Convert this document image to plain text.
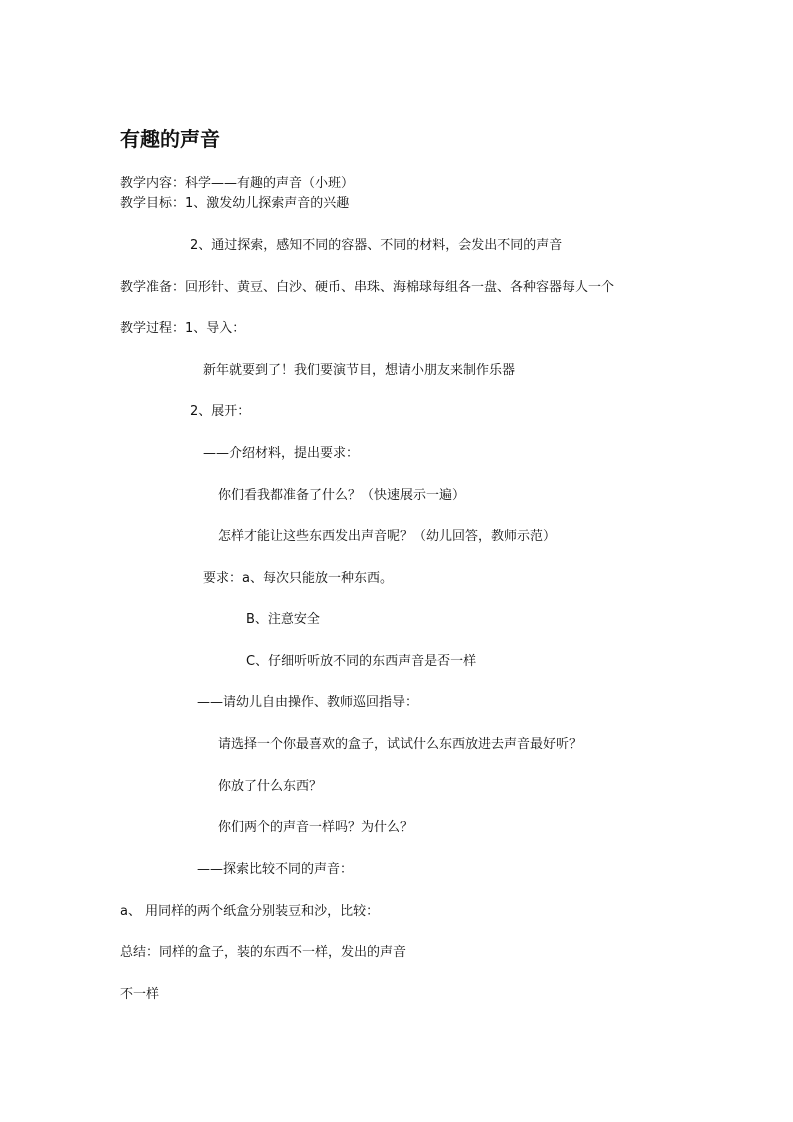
有趣的声音
教学内容：科学——有趣的声音（小班）
教学目标：1、激发幼儿探索声音的兴趣
2、通过探索，感知不同的容器、不同的材料，会发出不同的声音
教学准备：回形针、黄豆、白沙、硬币、串珠、海棉球每组各一盘、各种容器每人一个
教学过程：1、导入：
新年就要到了！我们要演节目，想请小朋友来制作乐器
2、展开：
——介绍材料，提出要求：
你们看我都准备了什么？（快速展示一遍）
怎样才能让这些东西发出声音呢？（幼儿回答，教师示范）
要求：a、每次只能放一种东西。
B、注意安全
C、仔细听听放不同的东西声音是否一样
——请幼儿自由操作、教师巡回指导：
请选择一个你最喜欢的盒子，试试什么东西放进去声音最好听？
你放了什么东西？
你们两个的声音一样吗？为什么？
——探索比较不同的声音：
a、 用同样的两个纸盒分别装豆和沙，比较：
总结：同样的盒子，装的东西不一样，发出的声音
不一样
